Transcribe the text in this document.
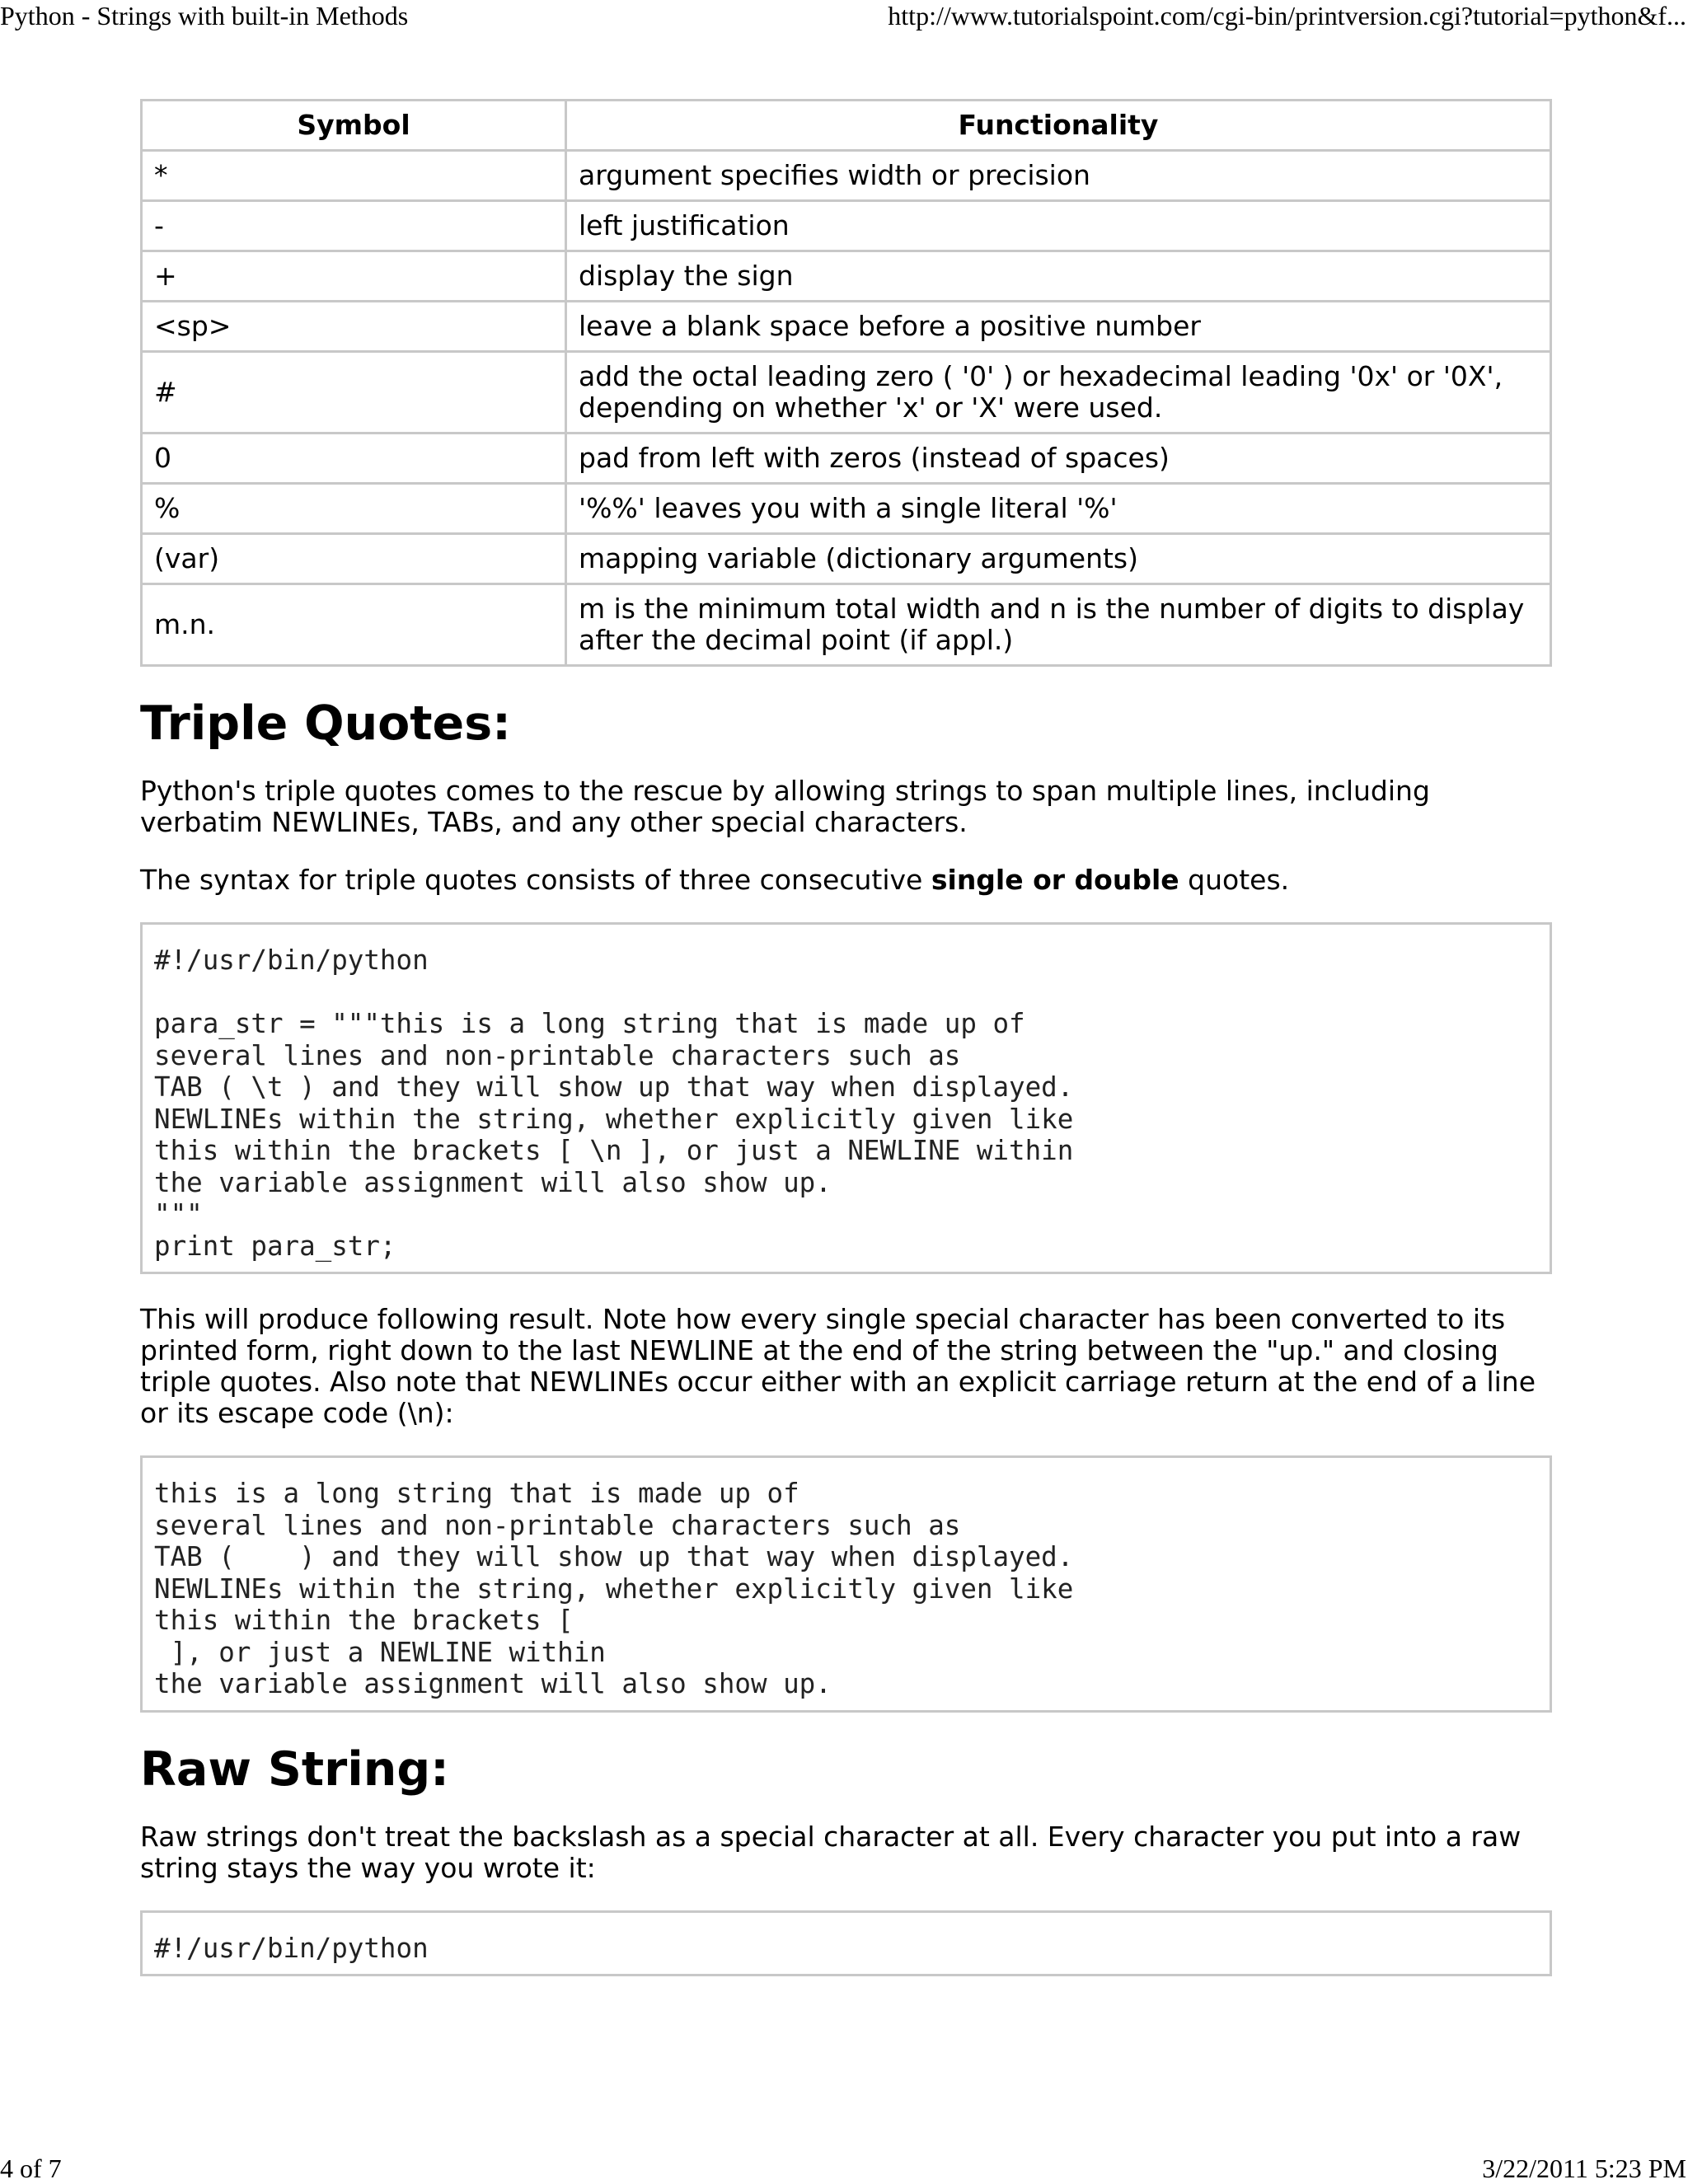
Python - Strings with built-in Methods	http://www.tutorialspoint.com/cgi-bin/printversion.cgi?tutorial=python&f...
Symbol	Functionality
*	argument specifies width or precision
-	left justification
+	display the sign
<sp>	leave a blank space before a positive number
#	add the octal leading zero ( '0' ) or hexadecimal leading '0x' or '0X', depending on whether 'x' or 'X' were used.
0	pad from left with zeros (instead of spaces)
%	'%%' leaves you with a single literal '%'
(var)	mapping variable (dictionary arguments)
m.n.	m is the minimum total width and n is the number of digits to display after the decimal point (if appl.)
Triple Quotes:

Python's triple quotes comes to the rescue by allowing strings to span multiple lines, including verbatim NEWLINEs, TABs, and any other special characters.

The syntax for triple quotes consists of three consecutive single or double quotes.

#!/usr/bin/python
para_str = """this is a long string that is made up of
several lines and non-printable characters such as
TAB ( \t ) and they will show up that way when displayed.
NEWLINEs within the string, whether explicitly given like
this within the brackets [ \n ], or just a NEWLINE within
the variable assignment will also show up.
"""
print para_str;

This will produce following result. Note how every single special character has been converted to its printed form, right down to the last NEWLINE at the end of the string between the "up." and closing triple quotes. Also note that NEWLINEs occur either with an explicit carriage return at the end of a line or its escape code (\n):

this is a long string that is made up of
several lines and non-printable characters such as
TAB (    ) and they will show up that way when displayed.
NEWLINEs within the string, whether explicitly given like
this within the brackets [
], or just a NEWLINE within
the variable assignment will also show up.
Raw String:

Raw strings don't treat the backslash as a special character at all. Every character you put into a raw string stays the way you wrote it:

#!/usr/bin/python
4 of 7	3/22/2011 5:23 PM
